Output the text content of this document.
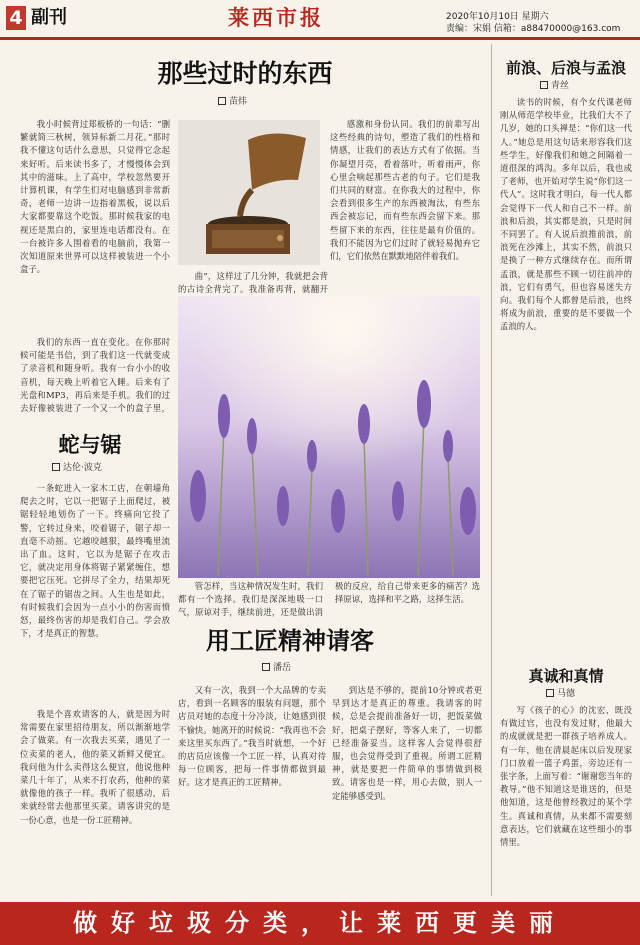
4 副刊	莱西市报	2020年10月10日 星期六
责编：宋娟 信箱：a88470000@163.com
那些过时的东西
苗炜

我小时候背过郑板桥的一句话：“删繁就简三秋树，领异标新二月花。”那时我不懂这句话什么意思，只觉得它念起来好听。后来读书多了，才慢慢体会到其中的滋味。上了高中，学校忽然要开计算机课，有学生们对电脑感到非常新奇，老师一边讲一边指着黑板，说以后大家都要靠这个吃饭。那时候我家的电视还是黑白的，家里连电话都没有。在一台被许多人围着看的电脑前，我第一次知道原来世界可以这样被装进一个小盒子。

我们的东西一直在变化。在你那时候可能是书信，到了我们这一代就变成了录音机和随身听。我有一台小小的收音机，每天晚上听着它入睡。后来有了光盘和MP3，再后来是手机。我们的过去好像被装进了一个又一个的盒子里，

曲”，这样过了几分钟，我就把会背的古诗全背完了。我准备再背，就翻开

感激和身份认同。我们的前辈写出这些经典的诗句，塑造了我们的性格和情感，让我们的表达方式有了依据。当你凝望月亮，看着落叶，听着雨声，你心里会响起那些古老的句子。它们是我们共同的财富。在你我大的过程中，你会看到很多生产的东西被淘汰，有些东西会被忘记，而有些东西会留下来。那些留下来的东西，往往是最有价值的。我们不能因为它们过时了就轻易抛弃它们，它们依然在默默地陪伴着我们。

蛇与锯
达伦·波克

一条蛇进入一家木工店，在朝墙角爬去之时，它以一把锯子上面爬过，被锯轻轻地划伤了一下。终痛向它投了警，它转过身来，咬着锯子，锯子却一直毫不动摇。它越咬越狠，最终嘴里流出了血。这时，它以为是锯子在攻击它，就决定用身体将锯子紧紧缠住，想要把它压死。它拼尽了全力，结果却死在了锯子的锯齿之间。人生也是如此，有时候我们会因为一点小小的伤害而愤怒，最终伤害的却是我们自己。学会放下，才是真正的智慧。

管怎样，当这种情况发生时，我们都有一个选择。我们是深深地吸一口气，原谅对手，继续前进，还是做出消极的反应，给自己带来更多的痛苦？选择原谅，选择和平之路，这择生活。

用工匠精神请客
潘岳

我是个喜欢请客的人，就是因为时常需要在家里招待朋友，所以渐渐地学会了做菜。有一次我去买菜，遇见了一位卖菜的老人，他的菜又新鲜又便宜。我问他为什么卖得这么便宜，他说他种菜几十年了，从来不打农药，他种的菜就像他的孩子一样。我听了很感动，后来就经常去他那里买菜。请客讲究的是一份心意，也是一份工匠精神。

又有一次，我到一个大品牌的专卖店，看到一名顾客的服装有问题，那个店员对她的态度十分冷淡，让她感到很不愉快。她离开的时候说：“我再也不会来这里买东西了。”我当时就想，一个好的店员应该像一个工匠一样，认真对待每一位顾客，把每一件事情都做到最好。这才是真正的工匠精神。

到达是不够的，提前10分钟或者更早到达才是真正的尊重。我请客的时候，总是会提前准备好一切，把饭菜做好，把桌子摆好，等客人来了，一切都已经准备妥当。这样客人会觉得很舒服，也会觉得受到了重视。所谓工匠精神，就是要把一件简单的事情做到极致。请客也是一样，用心去做，别人一定能够感受到。

前浪、后浪与孟浪
青丝

读书的时候，有个女代课老师刚从师范学校毕业，比我们大不了几岁，她的口头禅是：“你们这一代人。”她总是用这句话来形容我们这些学生，好像我们和她之间隔着一道很深的鸿沟。多年以后，我也成了老师，也开始对学生说“你们这一代人”。这时我才明白，每一代人都会觉得下一代人和自己不一样。前浪和后浪，其实都是浪，只是时间不同罢了。有人说后浪推前浪，前浪死在沙滩上，其实不然，前浪只是换了一种方式继续存在。而所谓孟浪，就是那些不顾一切往前冲的浪，它们有勇气，但也容易迷失方向。我们每个人都曾是后浪，也终将成为前浪，重要的是不要做一个孟浪的人。

真诚和真情
马德

写《孩子的心》的沈宏，既没有做过官，也没有发过财，他最大的成就就是把一群孩子培养成人。有一年，他在清晨起床以后发现家门口放着一篮子鸡蛋，旁边还有一张字条，上面写着：“谢谢您当年的教导。”他不知道这是谁送的，但是他知道，这是他曾经教过的某个学生。真诚和真情，从来都不需要刻意表达，它们就藏在这些细小的事情里。

做好垃圾分类，让莱西更美丽
